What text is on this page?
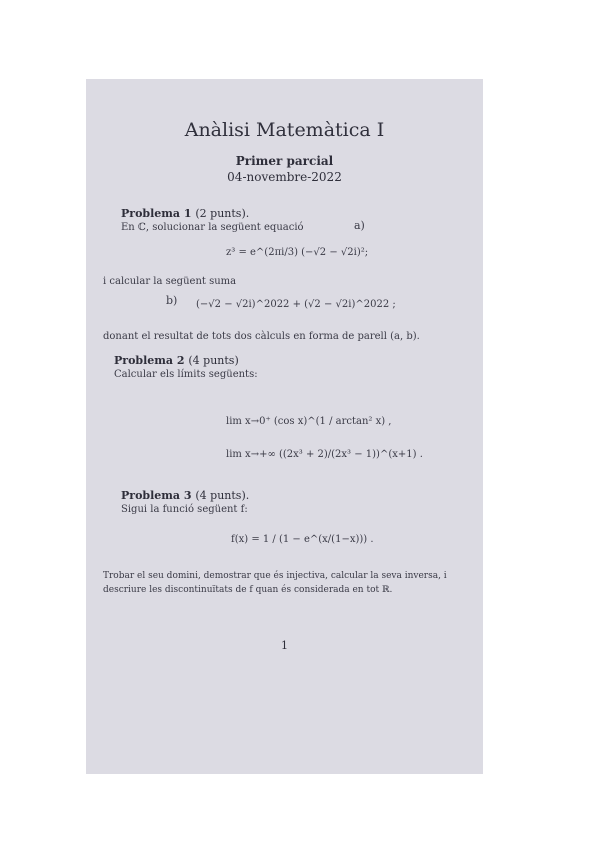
Anàlisi Matemàtica I
Primer parcial
04-novembre-2022
Problema 1 (2 punts).
En ℂ, solucionar la següent equació	a)
z³ = e^(2πi/3) (−√2 − √2i)²;
i calcular la següent suma
b) (−√2 − √2i)^2022 + (√2 − √2i)^2022 ;
donant el resultat de tots dos càlculs en forma de parell (a, b).
Problema 2 (4 punts)
Calcular els límits següents:
lim x→0⁺ (cos x)^(1 / arctan² x) ,
lim x→+∞ ((2x³ + 2)/(2x³ − 1))^(x+1) .
Problema 3 (4 punts).
Sigui la funció següent f:
f(x) = 1 / (1 − e^(x/(1−x))) .
Trobar el seu domini, demostrar que és injectiva, calcular la seva inversa, i
descriure les discontinuïtats de f quan és considerada en tot ℝ.
1
